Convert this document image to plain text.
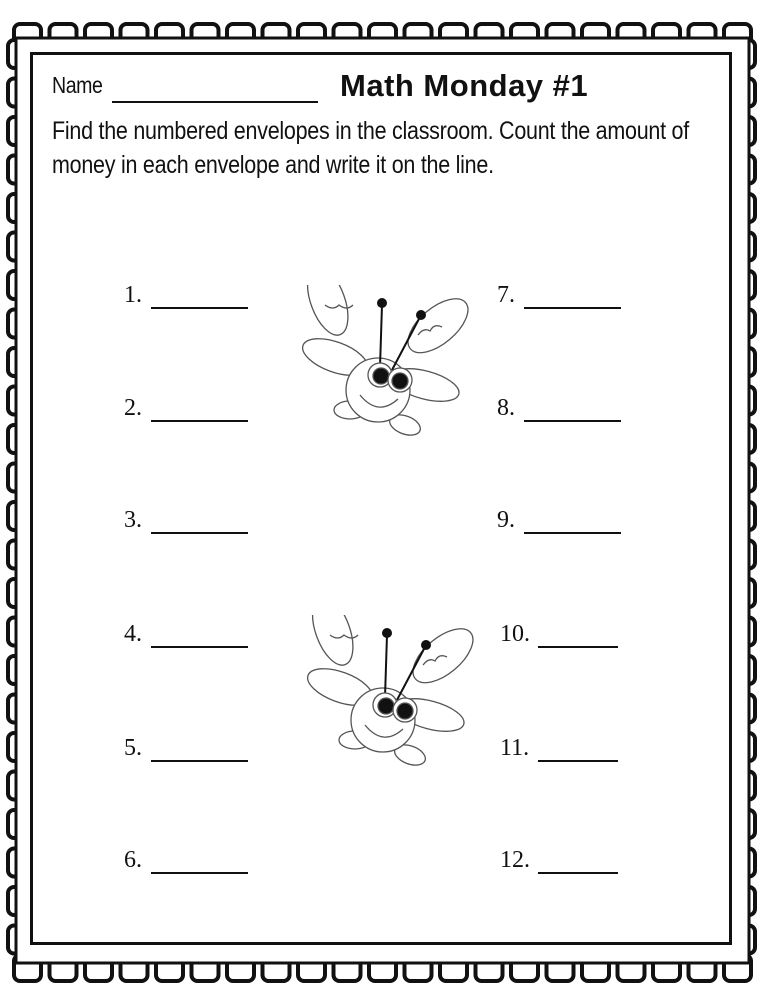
Name	Math Monday #1
Find the numbered envelopes in the classroom. Count the amount of money in each envelope and write it on the line.
1.	7.
2.	8.
3.	9.
4.	10.
5.	11.
6.	12.
